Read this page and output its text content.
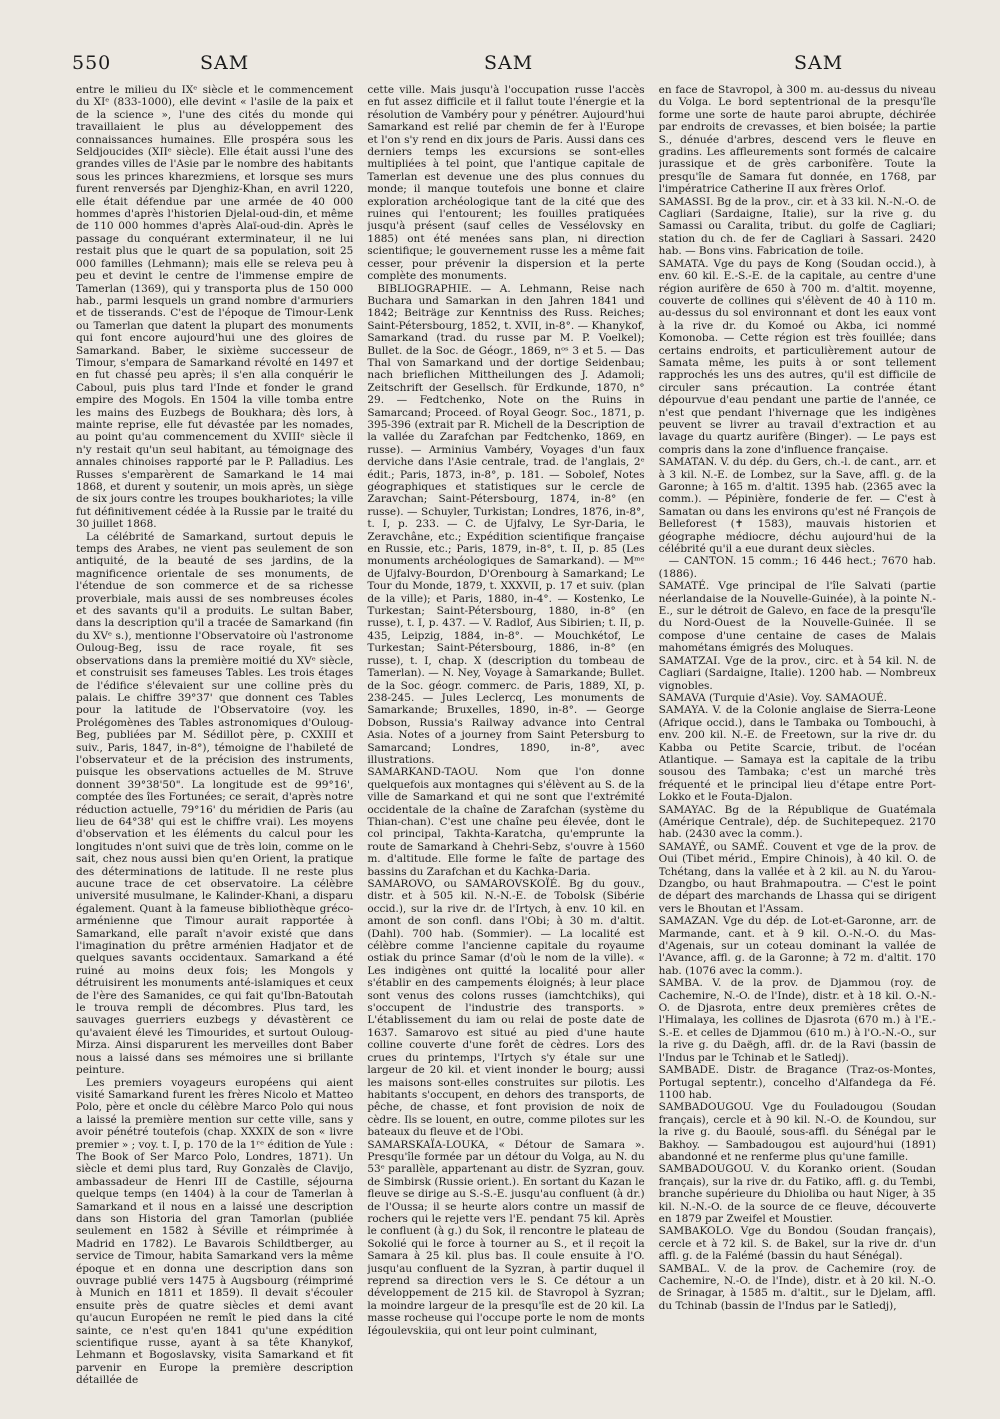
550	SAM	SAM	SAM

entre le milieu du IXᵉ siècle et le commencement du XIᵉ (833-1000), elle devint « l'asile de la paix et de la science », l'une des cités du monde qui travaillaient le plus au développement des connaissances humaines. Elle prospéra sous les Seldjoucides (XIIᵉ siècle). Elle était aussi l'une des grandes villes de l'Asie par le nombre des habitants sous les princes kharezmiens, et lorsque ses murs furent renversés par Djenghiz-Khan, en avril 1220, elle était défendue par une armée de 40 000 hommes d'après l'historien Djelal-oud-din, et même de 110 000 hommes d'après Alaï-oud-din. Après le passage du conquérant exterminateur, il ne lui restait plus que le quart de sa population, soit 25 000 familles (Lehmann); mais elle se releva peu à peu et devint le centre de l'immense empire de Tamerlan (1369), qui y transporta plus de 150 000 hab., parmi lesquels un grand nombre d'armuriers et de tisserands. C'est de l'époque de Timour-Lenk ou Tamerlan que datent la plupart des monuments qui font encore aujourd'hui une des gloires de Samarkand. Baber, le sixième successeur de Timour, s'empara de Samarkand révolté en 1497 et en fut chassé peu après; il s'en alla conquérir le Caboul, puis plus tard l'Inde et fonder le grand empire des Mogols. En 1504 la ville tomba entre les mains des Euzbegs de Boukhara; dès lors, à mainte reprise, elle fut dévastée par les nomades, au point qu'au commencement du XVIIIᵉ siècle il n'y restait qu'un seul habitant, au témoignage des annales chinoises rapporté par le P. Palladius. Les Russes s'emparèrent de Samarkand le 14 mai 1868, et durent y soutenir, un mois après, un siège de six jours contre les troupes boukhariotes; la ville fut définitivement cédée à la Russie par le traité du 30 juillet 1868.

La célébrité de Samarkand, surtout depuis le temps des Arabes, ne vient pas seulement de son antiquité, de la beauté de ses jardins, de la magnificence orientale de ses monuments, de l'étendue de son commerce et de sa richesse proverbiale, mais aussi de ses nombreuses écoles et des savants qu'il a produits. Le sultan Baber, dans la description qu'il a tracée de Samarkand (fin du XVᵉ s.), mentionne l'Observatoire où l'astronome Ouloug-Beg, issu de race royale, fit ses observations dans la première moitié du XVᵉ siècle, et construisit ses fameuses Tables. Les trois étages de l'édifice s'élevaient sur une colline près du palais. Le chiffre 39°37' que donnent ces Tables pour la latitude de l'Observatoire (voy. les Prolégomènes des Tables astronomiques d'Ouloug-Beg, publiées par M. Sédillot père, p. CXXIII et suiv., Paris, 1847, in-8°), témoigne de l'habileté de l'observateur et de la précision des instruments, puisque les observations actuelles de M. Struve donnent 39°38'50". La longitude est de 99°16', comptée des îles Fortunées; ce serait, d'après notre réduction actuelle, 79°16' du méridien de Paris (au lieu de 64°38' qui est le chiffre vrai). Les moyens d'observation et les éléments du calcul pour les longitudes n'ont suivi que de très loin, comme on le sait, chez nous aussi bien qu'en Orient, la pratique des déterminations de latitude. Il ne reste plus aucune trace de cet observatoire. La célèbre université musulmane, le Kalinder-Khani, a disparu également. Quant à la fameuse bibliothèque gréco-arménienne que Timour aurait rapportée à Samarkand, elle paraît n'avoir existé que dans l'imagination du prêtre arménien Hadjator et de quelques savants occidentaux. Samarkand a été ruiné au moins deux fois; les Mongols y détruisirent les monuments anté-islamiques et ceux de l'ère des Samanides, ce qui fait qu'Ibn-Batoutah le trouva rempli de décombres. Plus tard, les sauvages guerriers euzbegs y dévastèrent ce qu'avaient élevé les Timourides, et surtout Ouloug-Mirza. Ainsi disparurent les merveilles dont Baber nous a laissé dans ses mémoires une si brillante peinture.

Les premiers voyageurs européens qui aient visité Samarkand furent les frères Nicolo et Matteo Polo, père et oncle du célèbre Marco Polo qui nous a laissé la première mention sur cette ville, sans y avoir pénétré toutefois (chap. XXXIX de son « livre premier » ; voy. t. I, p. 170 de la 1ʳᵉ édition de Yule : The Book of Ser Marco Polo, Londres, 1871). Un siècle et demi plus tard, Ruy Gonzalès de Clavijo, ambassadeur de Henri III de Castille, séjourna quelque temps (en 1404) à la cour de Tamerlan à Samarkand et il nous en a laissé une description dans son Historia del gran Tamorlan (publiée seulement en 1582 à Séville et réimprimée à Madrid en 1782). Le Bavarois Schildtberger, au service de Timour, habita Samarkand vers la même époque et en donna une description dans son ouvrage publié vers 1475 à Augsbourg (réimprimé à Munich en 1811 et 1859). Il devait s'écouler ensuite près de quatre siècles et demi avant qu'aucun Européen ne remît le pied dans la cité sainte, ce n'est qu'en 1841 qu'une expédition scientifique russe, ayant à sa tête Khanykof, Lehmann et Bogoslavsky, visita Samarkand et fit parvenir en Europe la première description détaillée de

cette ville. Mais jusqu'à l'occupation russe l'accès en fut assez difficile et il fallut toute l'énergie et la résolution de Vambéry pour y pénétrer. Aujourd'hui Samarkand est relié par chemin de fer à l'Europe et l'on s'y rend en dix jours de Paris. Aussi dans ces derniers temps les excursions se sont-elles multipliées à tel point, que l'antique capitale de Tamerlan est devenue une des plus connues du monde; il manque toutefois une bonne et claire exploration archéologique tant de la cité que des ruines qui l'entourent; les fouilles pratiquées jusqu'à présent (sauf celles de Vessélovsky en 1885) ont été menées sans plan, ni direction scientifique; le gouvernement russe les a même fait cesser, pour prévenir la dispersion et la perte complète des monuments.

BIBLIOGRAPHIE. — A. Lehmann, Reise nach Buchara und Samarkan in den Jahren 1841 und 1842; Beiträge zur Kenntniss des Russ. Reiches; Saint-Pétersbourg, 1852, t. XVII, in-8°. — Khanykof, Samarkand (trad. du russe par M. P. Voelkel); Bullet. de la Soc. de Géogr., 1869, nᵒˢ 3 et 5. — Das Thal von Samarkand und der dortige Seidenbau; nach brieflichen Mittheilungen des J. Adamoli; Zeitschrift der Gesellsch. für Erdkunde, 1870, n° 29. — Fedtchenko, Note on the Ruins in Samarcand; Proceed. of Royal Geogr. Soc., 1871, p. 395-396 (extrait par R. Michell de la Description de la vallée du Zarafchan par Fedtchenko, 1869, en russe). — Arminius Vambéry, Voyages d'un faux derviche dans l'Asie centrale, trad. de l'anglais, 2ᵉ édit.; Paris, 1873, in-8°, p. 181. — Sobolef, Notes géographiques et statistiques sur le cercle de Zaravchan; Saint-Pétersbourg, 1874, in-8° (en russe). — Schuyler, Turkistan; Londres, 1876, in-8°, t. I, p. 233. — C. de Ujfalvy, Le Syr-Daria, le Zeravchâne, etc.; Expédition scientifique française en Russie, etc.; Paris, 1879, in-8°, t. II, p. 85 (Les monuments archéologiques de Samarkand). — Mᵐᵉ de Ujfalvy-Bourdon, D'Orenbourg à Samarkand; Le Tour du Monde, 1879, t. XXXVII, p. 17 et suiv. (plan de la ville); et Paris, 1880, in-4°. — Kostenko, Le Turkestan; Saint-Pétersbourg, 1880, in-8° (en russe), t. I, p. 437. — V. Radlof, Aus Sibirien; t. II, p. 435, Leipzig, 1884, in-8°. — Mouchkétof, Le Turkestan; Saint-Pétersbourg, 1886, in-8° (en russe), t. I, chap. X (description du tombeau de Tamerlan). — N. Ney, Voyage à Samarkande; Bullet. de la Soc. géogr. commerc. de Paris, 1889, XI, p. 238-245. — Jules Leclercq, Les monuments de Samarkande; Bruxelles, 1890, in-8°. — George Dobson, Russia's Railway advance into Central Asia. Notes of a journey from Saint Petersburg to Samarcand; Londres, 1890, in-8°, avec illustrations.

SAMARKAND-TAOU. Nom que l'on donne quelquefois aux montagnes qui s'élèvent au S. de la ville de Samarkand et qui ne sont que l'extrémité occidentale de la chaîne de Zarafchan (système du Thian-chan). C'est une chaîne peu élevée, dont le col principal, Takhta-Karatcha, qu'emprunte la route de Samarkand à Chehri-Sebz, s'ouvre à 1560 m. d'altitude. Elle forme le faîte de partage des bassins du Zarafchan et du Kachka-Daria.

SAMAROVO, ou SAMAROVSKOÏÉ. Bg du gouv., distr. et à 505 kil. N.-N.-E. de Tobolsk (Sibérie occid.), sur la rive dr. de l'Irtych, à env. 10 kil. en amont de son confl. dans l'Obi; à 30 m. d'altit. (Dahl). 700 hab. (Sommier). — La localité est célèbre comme l'ancienne capitale du royaume ostiak du prince Samar (d'où le nom de la ville). « Les indigènes ont quitté la localité pour aller s'établir en des campements éloignés; à leur place sont venus des colons russes (iamchtchiks), qui s'occupent de l'industrie des transports. » L'établissement du iam ou relai de poste date de 1637. Samarovo est situé au pied d'une haute colline couverte d'une forêt de cèdres. Lors des crues du printemps, l'Irtych s'y étale sur une largeur de 20 kil. et vient inonder le bourg; aussi les maisons sont-elles construites sur pilotis. Les habitants s'occupent, en dehors des transports, de pêche, de chasse, et font provision de noix de cèdre. Ils se louent, en outre, comme pilotes sur les bateaux du fleuve et de l'Obi.

SAMARSKAÏA-LOUKA, « Détour de Samara ». Presqu'île formée par un détour du Volga, au N. du 53ᵉ parallèle, appartenant au distr. de Syzran, gouv. de Simbirsk (Russie orient.). En sortant du Kazan le fleuve se dirige au S.-S.-E. jusqu'au confluent (à dr.) de l'Oussa; il se heurte alors contre un massif de rochers qui le rejette vers l'E. pendant 75 kil. Après le confluent (à g.) du Sok, il rencontre le plateau de Sokolié qui le force à tourner au S., et il reçoit la Samara à 25 kil. plus bas. Il coule ensuite à l'O. jusqu'au confluent de la Syzran, à partir duquel il reprend sa direction vers le S. Ce détour a un développement de 215 kil. de Stavropol à Syzran; la moindre largeur de la presqu'île est de 20 kil. La masse rocheuse qui l'occupe porte le nom de monts Iégoulevskiia, qui ont leur point culminant,

en face de Stavropol, à 300 m. au-dessus du niveau du Volga. Le bord septentrional de la presqu'île forme une sorte de haute paroi abrupte, déchirée par endroits de crevasses, et bien boisée; la partie S., dénuée d'arbres, descend vers le fleuve en gradins. Les affleurements sont formés de calcaire jurassique et de grès carbonifère. Toute la presqu'île de Samara fut donnée, en 1768, par l'impératrice Catherine II aux frères Orlof.

SAMASSI. Bg de la prov., cir. et à 33 kil. N.-N.-O. de Cagliari (Sardaigne, Italie), sur la rive g. du Samassi ou Caralita, tribut. du golfe de Cagliari; station du ch. de fer de Cagliari à Sassari. 2420 hab. — Bons vins. Fabrication de toile.

SAMATA. Vge du pays de Kong (Soudan occid.), à env. 60 kil. E.-S.-E. de la capitale, au centre d'une région aurifère de 650 à 700 m. d'altit. moyenne, couverte de collines qui s'élèvent de 40 à 110 m. au-dessus du sol environnant et dont les eaux vont à la rive dr. du Komoé ou Akba, ici nommé Komonoba. — Cette région est très fouillée; dans certains endroits, et particulièrement autour de Samata même, les puits à or sont tellement rapprochés les uns des autres, qu'il est difficile de circuler sans précaution. La contrée étant dépourvue d'eau pendant une partie de l'année, ce n'est que pendant l'hivernage que les indigènes peuvent se livrer au travail d'extraction et au lavage du quartz aurifère (Binger). — Le pays est compris dans la zone d'influence française.

SAMATAN. V. du dép. du Gers, ch.-l. de cant., arr. et à 3 kil. N.-E. de Lombez, sur la Save, affl. g. de la Garonne; à 165 m. d'altit. 1395 hab. (2365 avec la comm.). — Pépinière, fonderie de fer. — C'est à Samatan ou dans les environs qu'est né François de Belleforest (✝ 1583), mauvais historien et géographe médiocre, déchu aujourd'hui de la célébrité qu'il a eue durant deux siècles.

— CANTON. 15 comm.; 16 446 hect.; 7670 hab. (1886).

SAMATÉ. Vge principal de l'île Salvati (partie néerlandaise de la Nouvelle-Guinée), à la pointe N.-E., sur le détroit de Galevo, en face de la presqu'île du Nord-Ouest de la Nouvelle-Guinée. Il se compose d'une centaine de cases de Malais mahométans émigrés des Moluques.

SAMATZAI. Vge de la prov., circ. et à 54 kil. N. de Cagliari (Sardaigne, Italie). 1200 hab. — Nombreux vignobles.

SAMAVA (Turquie d'Asie). Voy. SAMAOUÉ.

SAMAYA. V. de la Colonie anglaise de Sierra-Leone (Afrique occid.), dans le Tambaka ou Tombouchi, à env. 200 kil. N.-E. de Freetown, sur la rive dr. du Kabba ou Petite Scarcie, tribut. de l'océan Atlantique. — Samaya est la capitale de la tribu sousou des Tambaka; c'est un marché très fréquenté et le principal lieu d'étape entre Port-Lokko et le Fouta-Djalon.

SAMAYAC. Bg de la République de Guatémala (Amérique Centrale), dép. de Suchitepequez. 2170 hab. (2430 avec la comm.).

SAMAYÉ, ou SAMÉ. Couvent et vge de la prov. de Oui (Tibet mérid., Empire Chinois), à 40 kil. O. de Tchétang, dans la vallée et à 2 kil. au N. du Yarou-Dzangbo, ou haut Brahmapoutra. — C'est le point de départ des marchands de Lhassa qui se dirigent vers le Bhoutan et l'Assam.

SAMAZAN. Vge du dép. de Lot-et-Garonne, arr. de Marmande, cant. et à 9 kil. O.-N.-O. du Mas-d'Agenais, sur un coteau dominant la vallée de l'Avance, affl. g. de la Garonne; à 72 m. d'altit. 170 hab. (1076 avec la comm.).

SAMBA. V. de la prov. de Djammou (roy. de Cachemire, N.-O. de l'Inde), distr. et à 18 kil. O.-N.-O. de Djasrota, entre deux premières crêtes de l'Himalaya, les collines de Djasrota (670 m.) à l'E.-S.-E. et celles de Djammou (610 m.) à l'O.-N.-O., sur la rive g. du Daëgh, affl. dr. de la Ravi (bassin de l'Indus par le Tchinab et le Satledj).

SAMBADE. Distr. de Bragance (Traz-os-Montes, Portugal septentr.), concelho d'Alfandega da Fé. 1100 hab.

SAMBADOUGOU. Vge du Fouladougou (Soudan français), cercle et à 90 kil. N.-O. de Koundou, sur la rive g. du Baoulé, sous-affl. du Sénégal par le Bakhoy. — Sambadougou est aujourd'hui (1891) abandonné et ne renferme plus qu'une famille.

SAMBADOUGOU. V. du Koranko orient. (Soudan français), sur la rive dr. du Fatiko, affl. g. du Tembi, branche supérieure du Dhioliba ou haut Niger, à 35 kil. N.-N.-O. de la source de ce fleuve, découverte en 1879 par Zweifel et Moustier.

SAMBAKOLO. Vge du Bondou (Soudan français), cercle et à 72 kil. S. de Bakel, sur la rive dr. d'un affl. g. de la Falémé (bassin du haut Sénégal).

SAMBAL. V. de la prov. de Cachemire (roy. de Cachemire, N.-O. de l'Inde), distr. et à 20 kil. N.-O. de Srinagar, à 1585 m. d'altit., sur le Djelam, affl. du Tchinab (bassin de l'Indus par le Satledj),
